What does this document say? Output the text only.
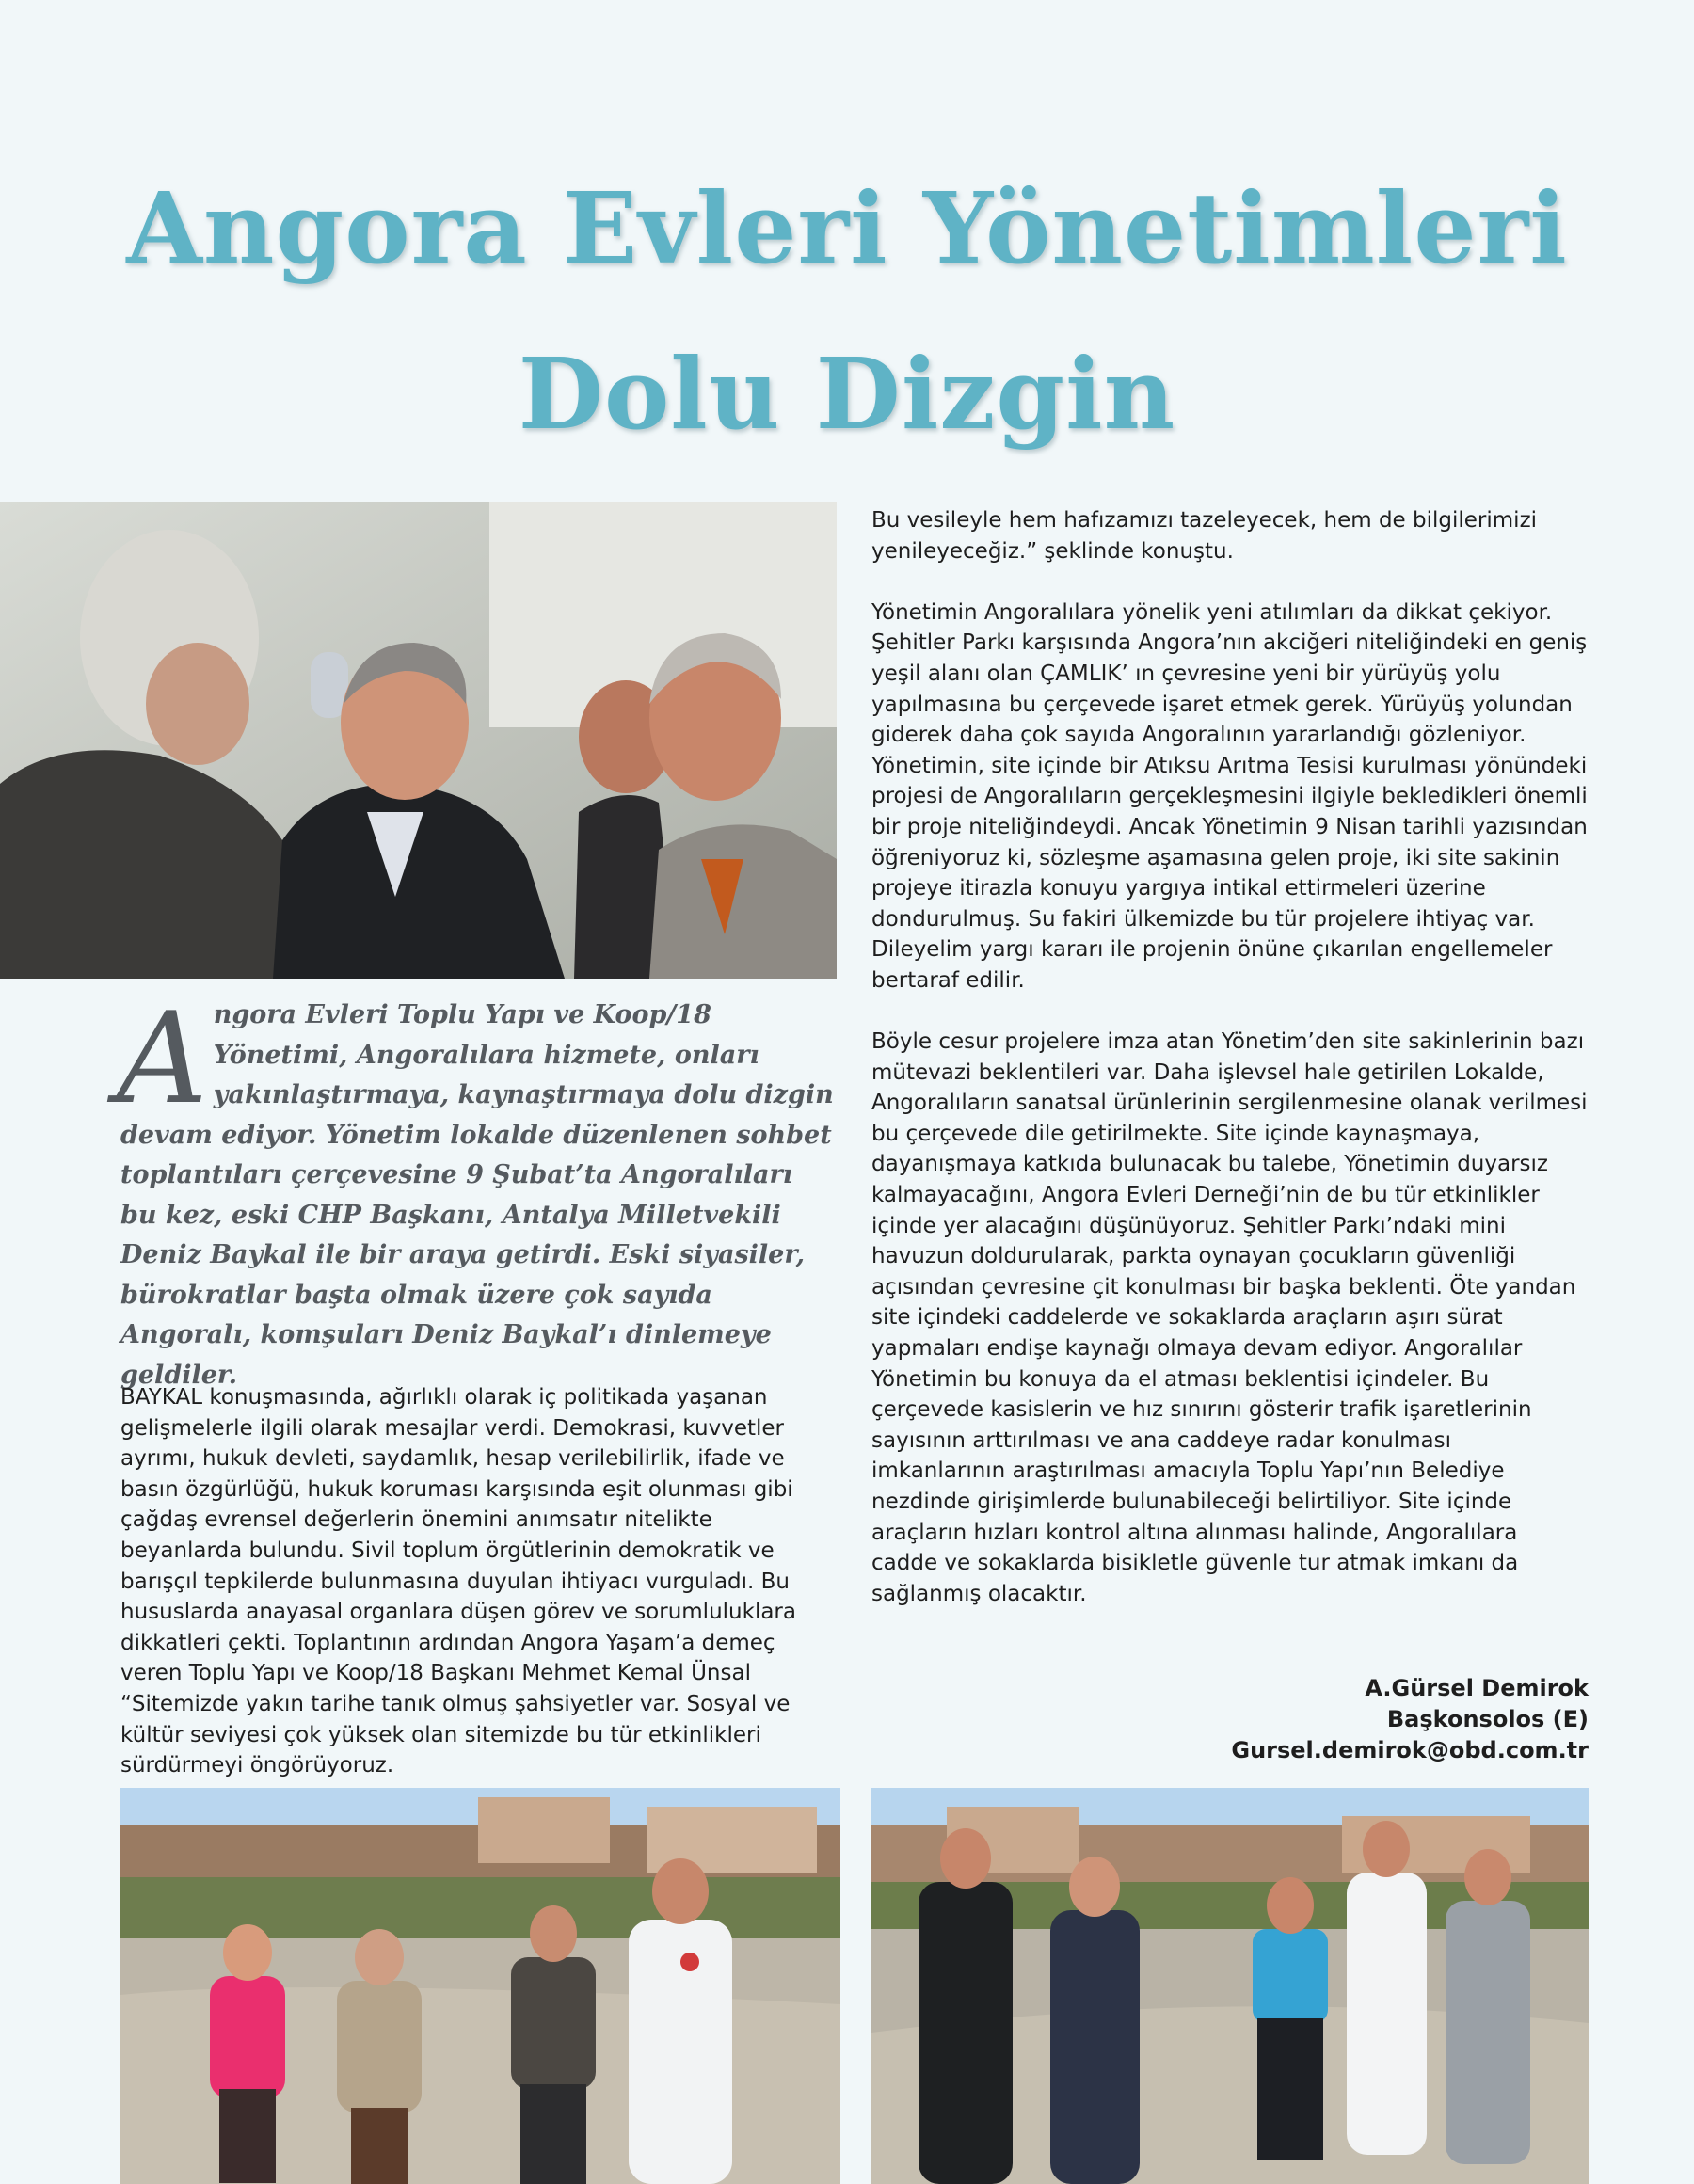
Angora Evleri Yönetimleri
Dolu Dizgin

Angora Evleri Toplu Yapı ve Koop/18 Yönetimi, Angoralılara hizmete, onları yakınlaştırmaya, kaynaştırmaya dolu dizgin devam ediyor. Yönetim lokalde düzenlenen sohbet toplantıları çerçevesine 9 Şubat’ta Angoralıları bu kez, eski CHP Başkanı, Antalya Milletvekili Deniz Baykal ile bir araya getirdi. Eski siyasiler, bürokratlar başta olmak üzere çok sayıda Angoralı, komşuları Deniz Baykal’ı dinlemeye geldiler.

BAYKAL konuşmasında, ağırlıklı olarak iç politikada yaşanan gelişmelerle ilgili olarak mesajlar verdi. Demokrasi, kuvvetler ayrımı, hukuk devleti, saydamlık, hesap verilebilirlik, ifade ve basın özgürlüğü, hukuk koruması karşısında eşit olunması gibi çağdaş evrensel değerlerin önemini anımsatır nitelikte beyanlarda bulundu. Sivil toplum örgütlerinin demokratik ve barışçıl tepkilerde bulunmasına duyulan ihtiyacı vurguladı. Bu hususlarda anayasal organlara düşen görev ve sorumluluklara dikkatleri çekti. Toplantının ardından Angora Yaşam’a demeç veren Toplu Yapı ve Koop/18 Başkanı Mehmet Kemal Ünsal “Sitemizde yakın tarihe tanık olmuş şahsiyetler var. Sosyal ve kültür seviyesi çok yüksek olan sitemizde bu tür etkinlikleri sürdürmeyi öngörüyoruz.

Bu vesileyle hem hafızamızı tazeleyecek, hem de bilgilerimizi yenileyeceğiz.” şeklinde konuştu.

Yönetimin Angoralılara yönelik yeni atılımları da dikkat çekiyor. Şehitler Parkı karşısında Angora’nın akciğeri niteliğindeki en geniş yeşil alanı olan ÇAMLIK’ ın çevresine yeni bir yürüyüş yolu yapılmasına bu çerçevede işaret etmek gerek. Yürüyüş yolundan giderek daha çok sayıda Angoralının yararlandığı gözleniyor. Yönetimin, site içinde bir Atıksu Arıtma Tesisi kurulması yönündeki projesi de Angoralıların gerçekleşmesini ilgiyle bekledikleri önemli bir proje niteliğindeydi. Ancak Yönetimin 9 Nisan tarihli yazısından öğreniyoruz ki, sözleşme aşamasına gelen proje, iki site sakinin projeye itirazla konuyu yargıya intikal ettirmeleri üzerine dondurulmuş. Su fakiri ülkemizde bu tür projelere ihtiyaç var. Dileyelim yargı kararı ile projenin önüne çıkarılan engellemeler bertaraf edilir.

Böyle cesur projelere imza atan Yönetim’den site sakinlerinin bazı mütevazi beklentileri var. Daha işlevsel hale getirilen Lokalde, Angoralıların sanatsal ürünlerinin sergilenmesine olanak verilmesi bu çerçevede dile getirilmekte. Site içinde kaynaşmaya, dayanışmaya katkıda bulunacak bu talebe, Yönetimin duyarsız kalmayacağını, Angora Evleri Derneği’nin de bu tür etkinlikler içinde yer alacağını düşünüyoruz. Şehitler Parkı’ndaki mini havuzun doldurularak, parkta oynayan çocukların güvenliği açısından çevresine çit konulması bir başka beklenti. Öte yandan site içindeki caddelerde ve sokaklarda araçların aşırı sürat yapmaları endişe kaynağı olmaya devam ediyor. Angoralılar Yönetimin bu konuya da el atması beklentisi içindeler. Bu çerçevede kasislerin ve hız sınırını gösterir trafik işaretlerinin sayısının arttırılması ve ana caddeye radar konulması imkanlarının araştırılması amacıyla Toplu Yapı’nın Belediye nezdinde girişimlerde bulunabileceği belirtiliyor. Site içinde araçların hızları kontrol altına alınması halinde, Angoralılara cadde ve sokaklarda bisikletle güvenle tur atmak imkanı da sağlanmış olacaktır.

A.Gürsel Demirok
Başkonsolos (E)
Gursel.demirok@obd.com.tr
